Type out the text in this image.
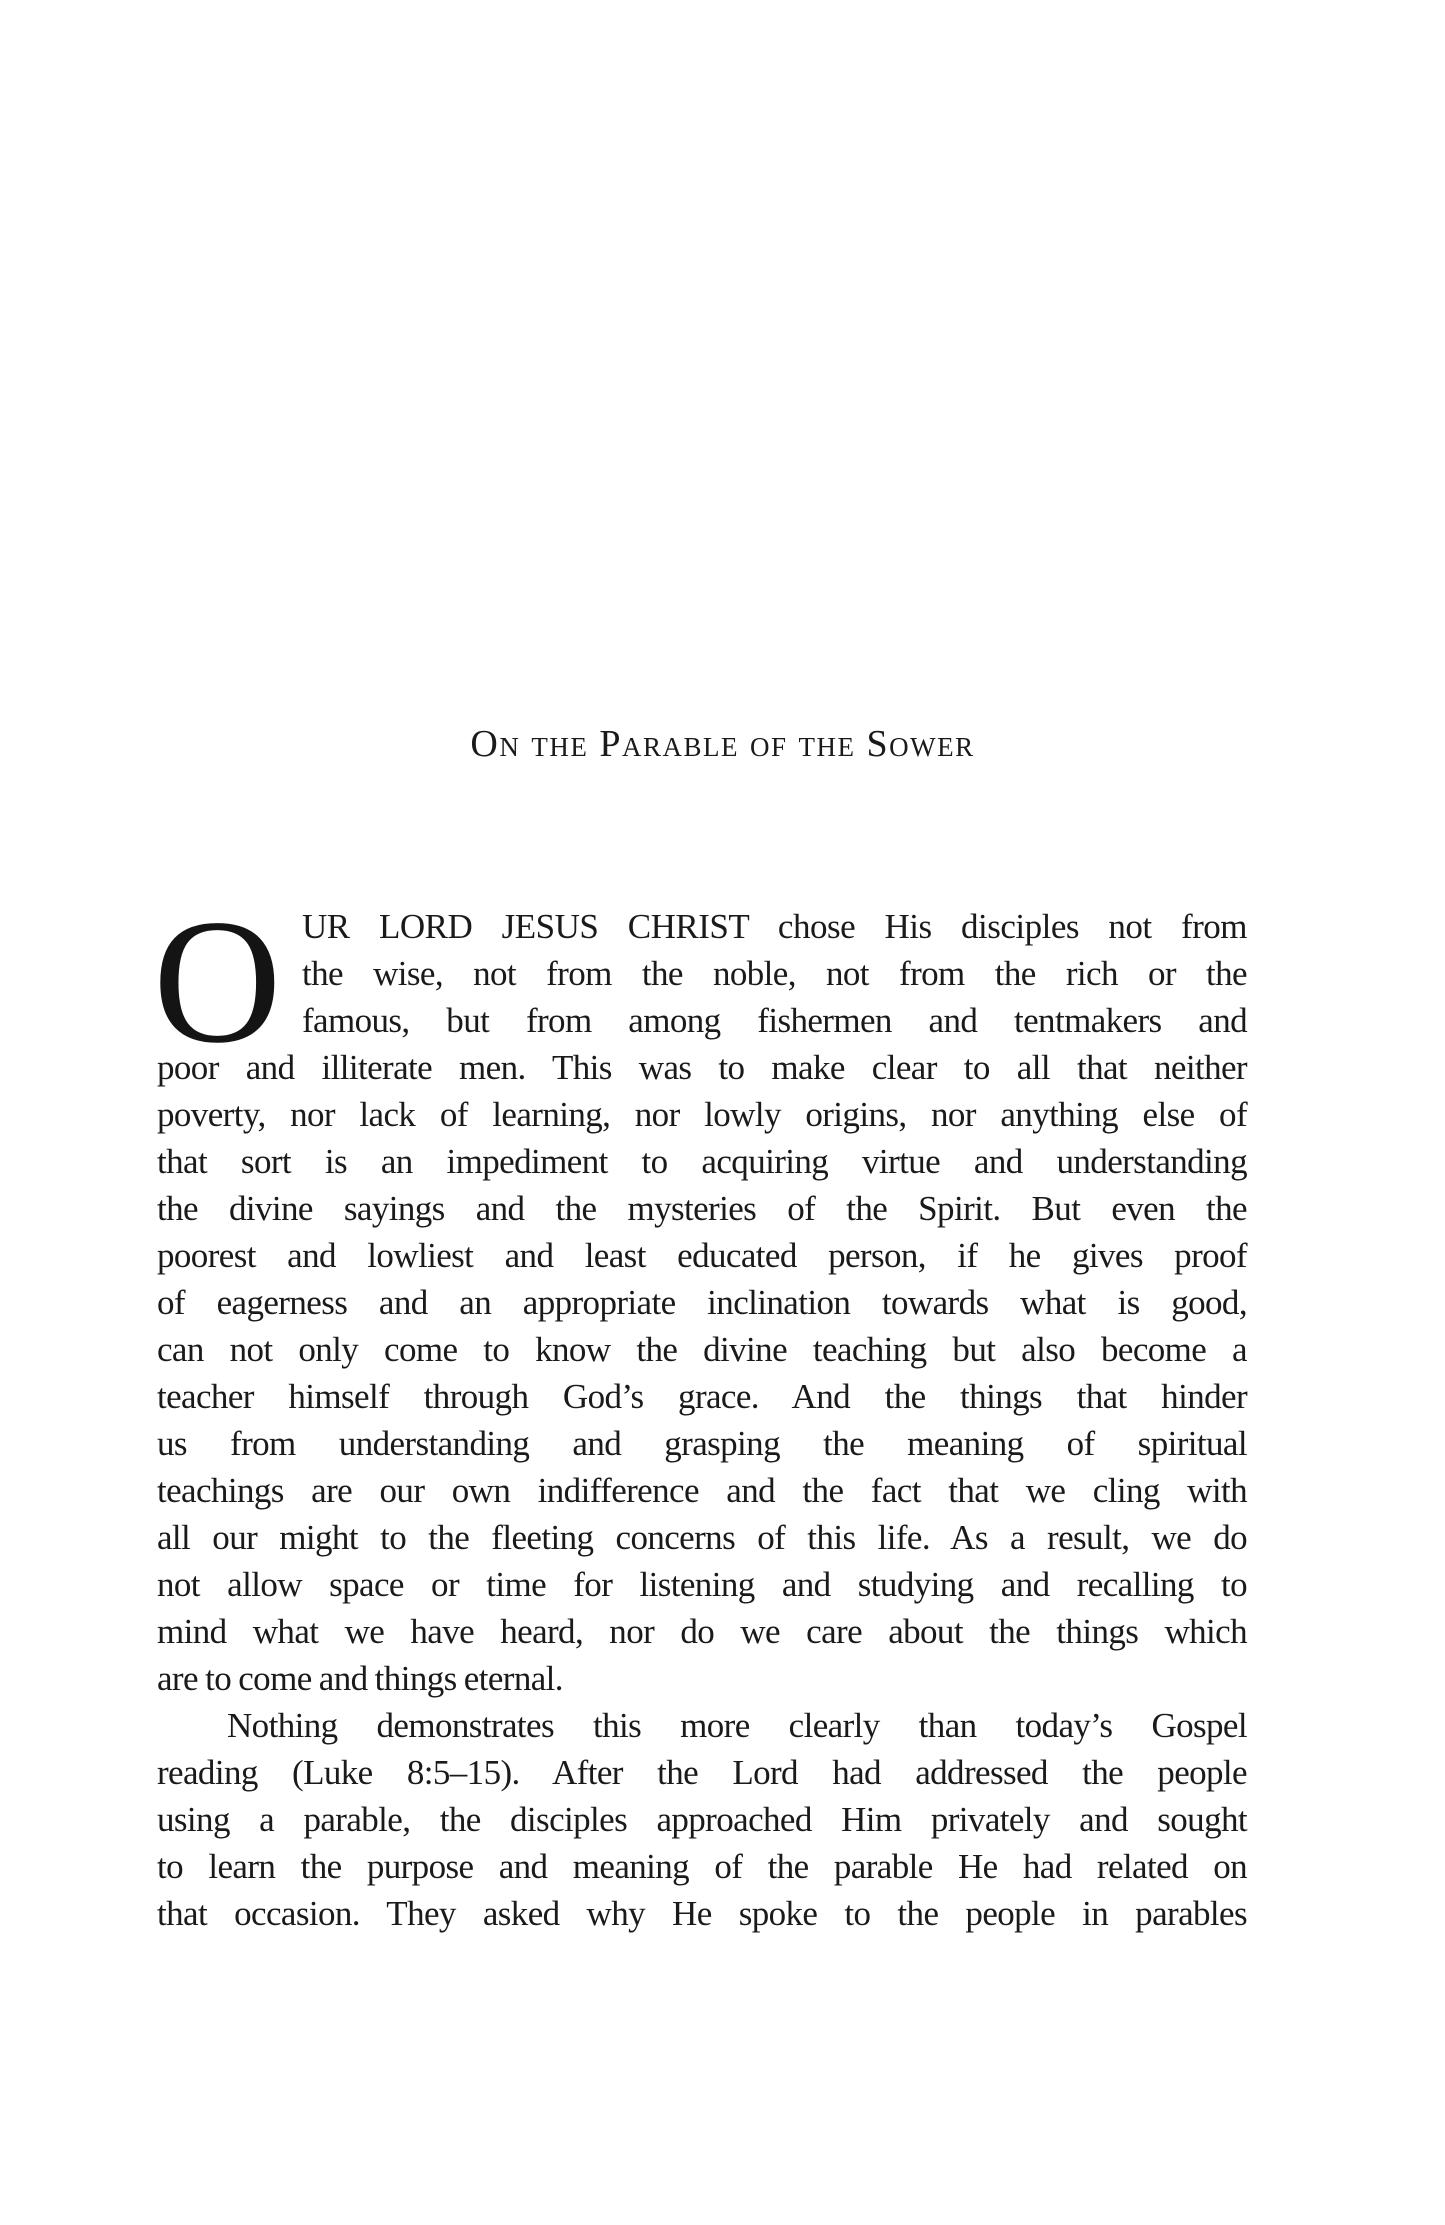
On the Parable of the Sower
O UR LORD JESUS CHRIST chose His disciples not from
the wise, not from the noble, not from the rich or the
famous, but from among fishermen and tentmakers and
poor and illiterate men. This was to make clear to all that neither
poverty, nor lack of learning, nor lowly origins, nor anything else of
that sort is an impediment to acquiring virtue and understanding
the divine sayings and the mysteries of the Spirit. But even the
poorest and lowliest and least educated person, if he gives proof
of eagerness and an appropriate inclination towards what is good,
can not only come to know the divine teaching but also become a
teacher himself through God’s grace. And the things that hinder
us from understanding and grasping the meaning of spiritual
teachings are our own indifference and the fact that we cling with
all our might to the fleeting concerns of this life. As a result, we do
not allow space or time for listening and studying and recalling to
mind what we have heard, nor do we care about the things which
are to come and things eternal.
Nothing demonstrates this more clearly than today’s Gospel
reading (Luke 8:5–15). After the Lord had addressed the people
using a parable, the disciples approached Him privately and sought
to learn the purpose and meaning of the parable He had related on
that occasion. They asked why He spoke to the people in parables
